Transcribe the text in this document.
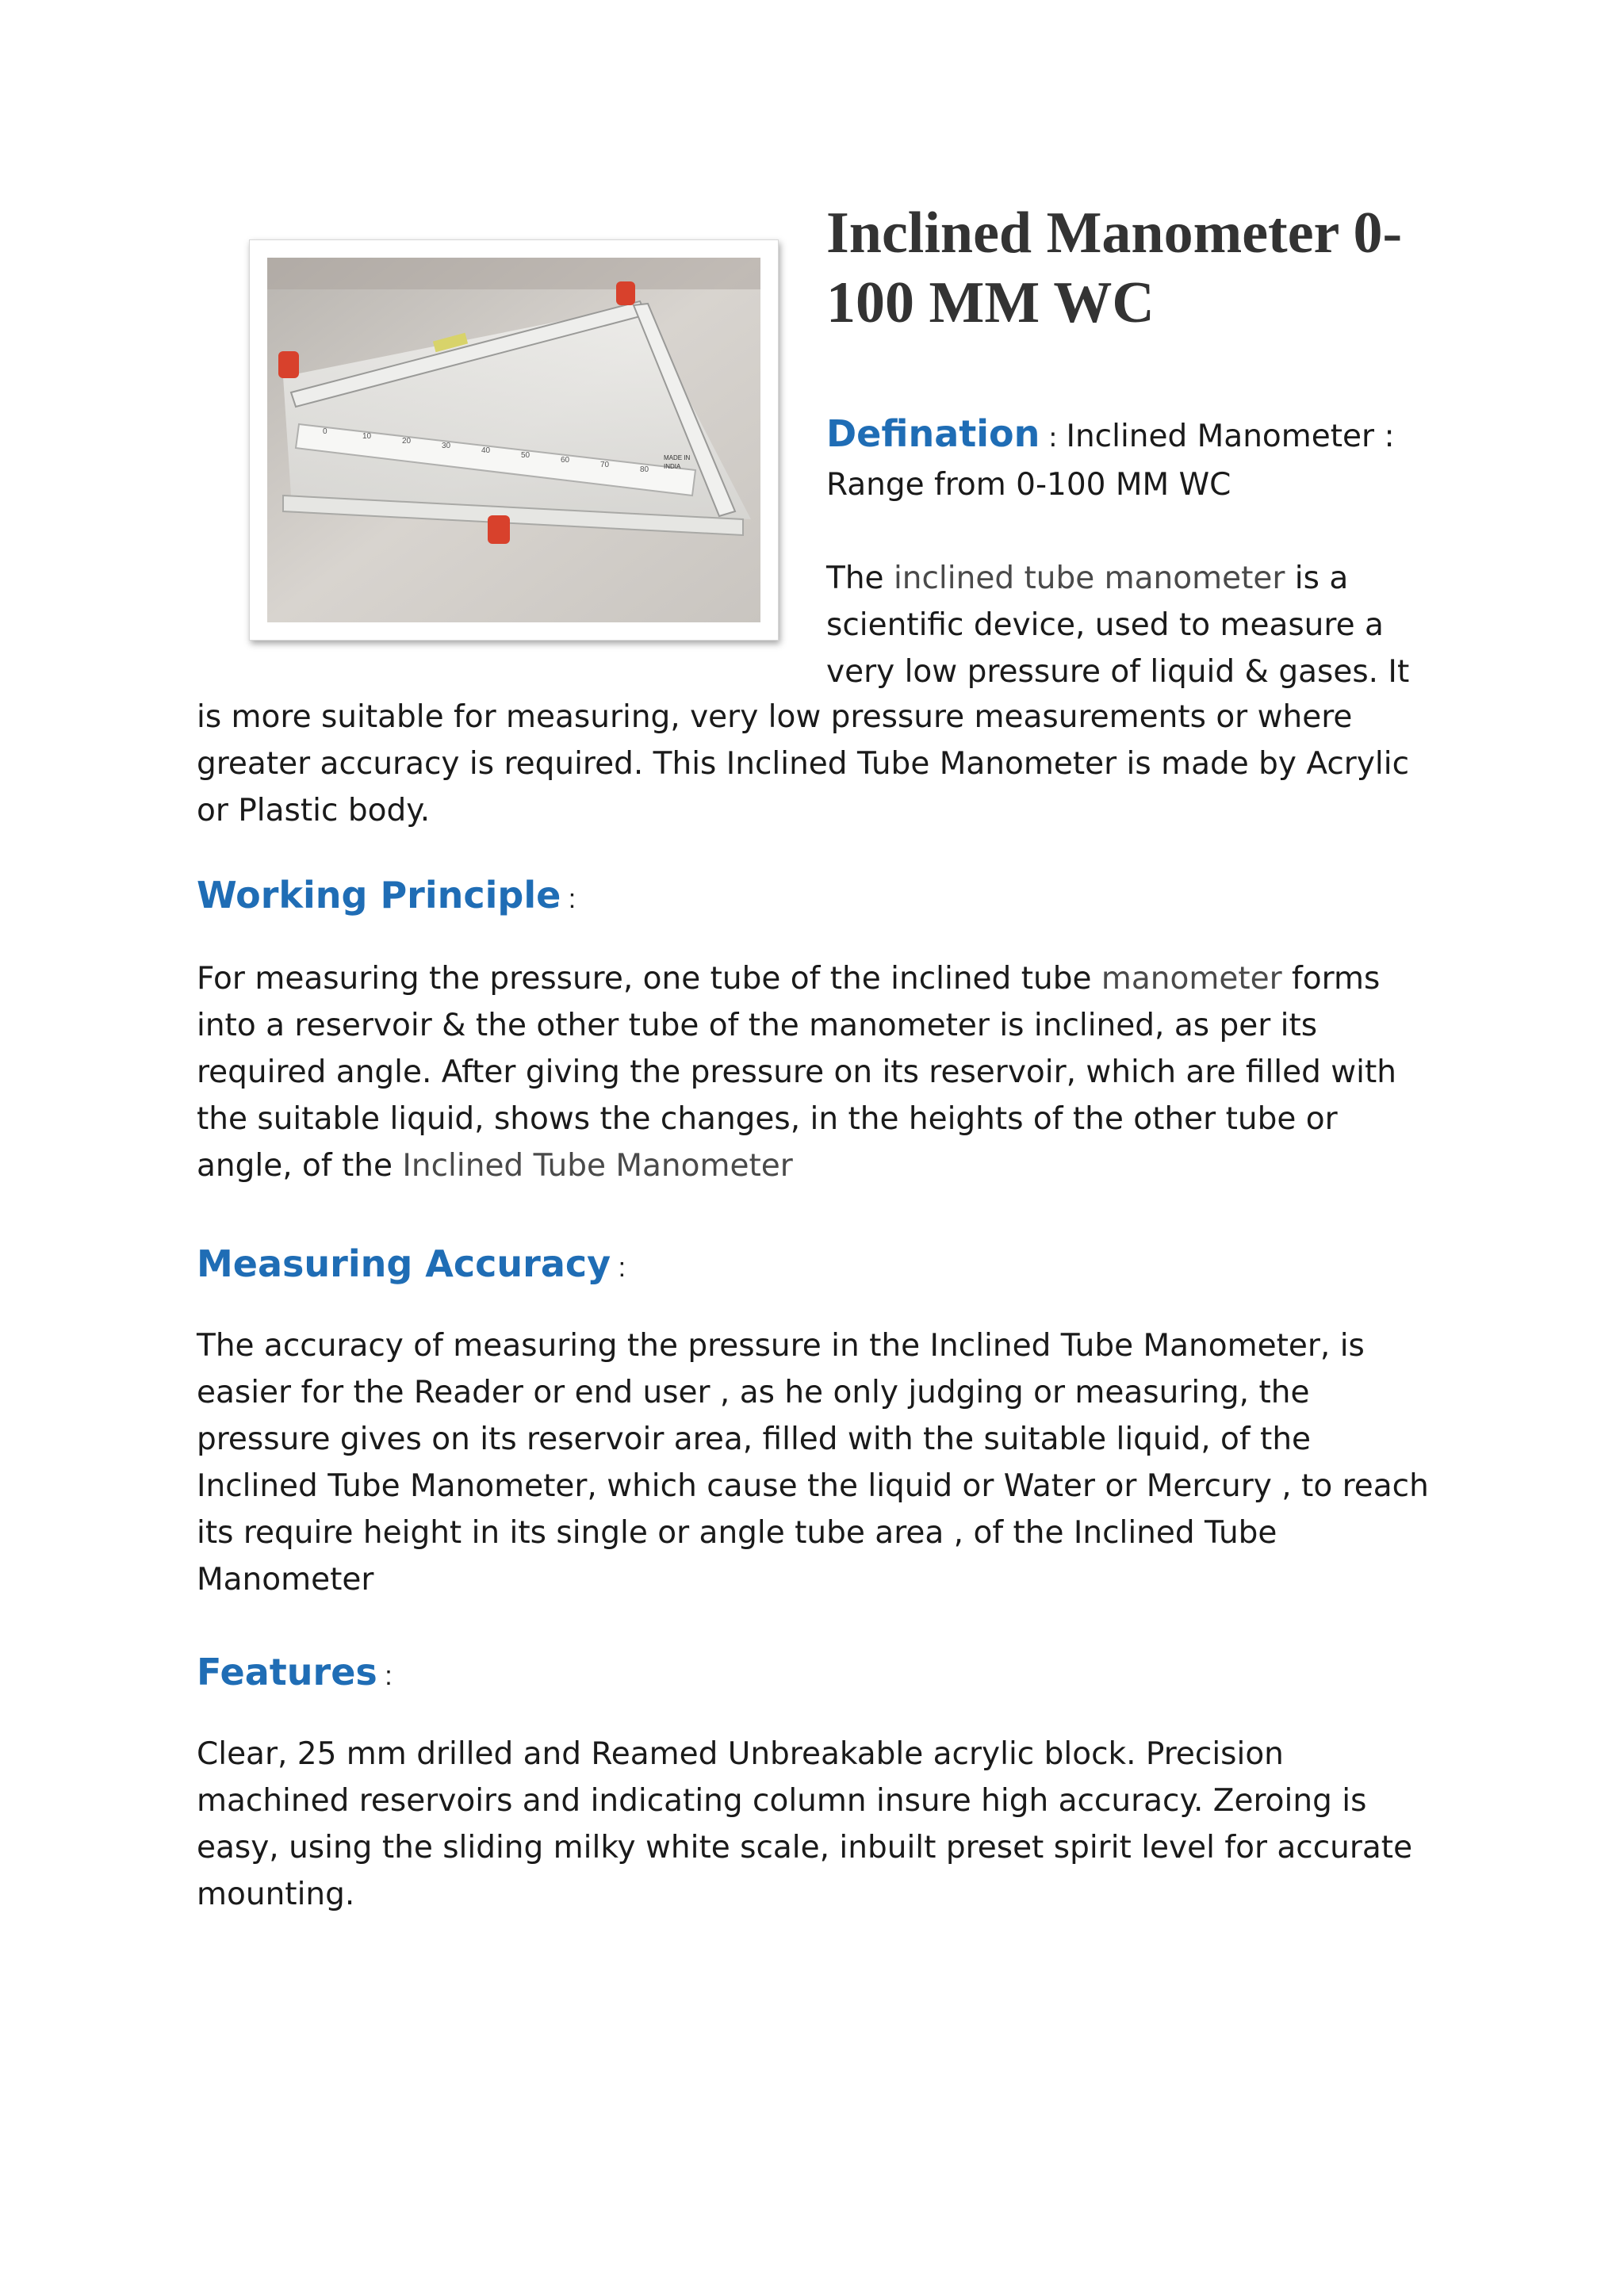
0
10
20
30
40
50
60
70
80
MADE IN
INDIA
Inclined Manometer 0-100 MM WC

Defination : Inclined Manometer :
Range from 0-100 MM WC

The inclined tube manometer is a
scientific device, used to measure a
very low pressure of liquid & gases. It

is more suitable for measuring, very low pressure measurements or where greater accuracy is required. This Inclined Tube Manometer is made by Acrylic or Plastic body.

Working Principle :

For measuring the pressure, one tube of the inclined tube manometer forms into a reservoir & the other tube of the manometer is inclined, as per its required angle. After giving the pressure on its reservoir, which are filled with the suitable liquid, shows the changes, in the heights of the other tube or angle, of the Inclined Tube Manometer

Measuring Accuracy :

The accuracy of measuring the pressure in the Inclined Tube Manometer, is easier for the Reader or end user , as he only judging or measuring, the pressure gives on its reservoir area, filled with the suitable liquid, of the Inclined Tube Manometer, which cause the liquid or Water or Mercury , to reach its require height in its single or angle tube area , of the Inclined Tube Manometer

Features :

Clear, 25 mm drilled and Reamed Unbreakable acrylic block. Precision machined reservoirs and indicating column insure high accuracy. Zeroing is easy, using the sliding milky white scale, inbuilt preset spirit level for accurate mounting.
